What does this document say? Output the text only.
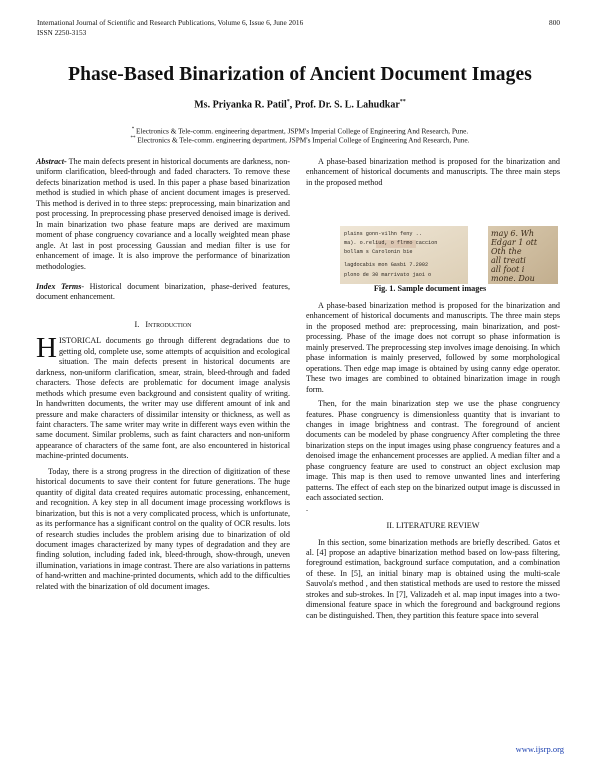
International Journal of Scientific and Research Publications, Volume 6, Issue 6, June 2016
ISSN 2250-3153
800
Phase-Based Binarization of Ancient Document Images
Ms. Priyanka R. Patil*, Prof. Dr. S. L. Lahudkar**
* Electronics & Tele-comm. engineering department, JSPM's Imperial College of Engineering And Research, Pune.
** Electronics & Tele-comm. engineering department, JSPM's Imperial College of Engineering And Research, Pune.

Abstract- The main defects present in historical documents are darkness, non-uniform clarification, bleed-through and faded characters. To remove these defects binarization method is used. In this paper a phase based binarization method is studied in which phase of ancient document images is preserved. This method is derived in to three steps: preprocessing, main binarization and post processing. In preprocessing phase preserved denoised image is derived. In main binarization two phase feature maps are derived are maximum moment of phase congruency covariance and a locally weighted mean phase angle. At last in post processing Gaussian and median filter is use for enhancement of image. It is also improve the performance of binarization methodologies.

Index Terms- Historical document binarization, phase-derived features, document enhancement.

I. Introduction

HISTORICAL documents go through different degradations due to getting old, complete use, some attempts of acquisition and ecological situation. The main defects present in historical documents are darkness, non-uniform clarification, smear, strain, bleed-through and faded characters. Those defects are problematic for document image analysis methods which presume even background and consistent quality of writing. In handwritten documents, the writer may use different amount of ink and pressure and make characters of dissimilar intensity or thickness, as well as faint characters. The same writer may write in different ways even within the same document. Similar problems, such as faint characters and non-uniform appearance of characters of the same font, are also encountered in historical machine-printed documents.

Today, there is a strong progress in the direction of digitization of these historical documents to save their content for future generations. The huge quantity of digital data created requires automatic processing, enhancement, and recognition. A key step in all document image processing workflows is binarization, but this is not a very complicated process, which is unfortunate, as its performance has a significant control on the quality of OCR results. lots of research studies includes the problem arising due to binarization of old document images characterized by many types of degradation and they are finding solution, including faded ink, bleed-through, show-through, uneven illumination, variations in image contrast. There are also variations in patterns of hand-written and machine-printed documents, which add to the difficulties related with the binarization of old document images.

A phase-based binarization method is proposed for the binarization and enhancement of historical documents and manuscripts. The three main steps in the proposed method

plains gonn-vilhn feny .. ma). o.reliud, o flrmo caccion bollam s Carolonin bie lagdocabis mon Gasbi 7.2002 plono de 30 marrivato jaoi o
may 6. Wh Edgar 1 ott Oth the all treati all foot i mone. Dou
Fig. 1. Sample document images

A phase-based binarization method is proposed for the binarization and enhancement of historical documents and manuscripts. The three main steps in the proposed method are: preprocessing, main binarization, and post-processing. Phase of the image does not corrupt so phase information is mainly preserved. The preprocessing step involves image denoising. In which phase information is mainly preserved, followed by some morphological operations. Then edge map image is obtained by using canny edge operator. These two images are combined to obtained binarization image in rough form.

Then, for the main binarization step we use the phase congruency features. Phase congruency is dimensionless quantity that is invariant to changes in image brightness and contrast. The foreground of ancient documents can be modeled by phase congruency After completing the three binarization steps on the input images using phase congruency features and a denoised image the enhancement processes are applied. A median filter and a phase congruency feature are used to construct an object exclusion map image. This map is then used to remove unwanted lines and interfering patterns. The effect of each step on the binarized output image is discussed in each associated section.

.

II. LITERATURE REVIEW

In this section, some binarization methods are briefly described. Gatos et al. [4] propose an adaptive binarization method based on low-pass filtering, foreground estimation, background surface computation, and a combination of these. In [5], an initial binary map is obtained using the multi-scale Sauvola's method , and then statistical methods are used to restore the missed strokes and sub-strokes. In [7], Valizadeh et al. map input images into a two-dimensional feature space in which the foreground and background regions can be distinguished. Then, they partition this feature space into several

www.ijsrp.org
